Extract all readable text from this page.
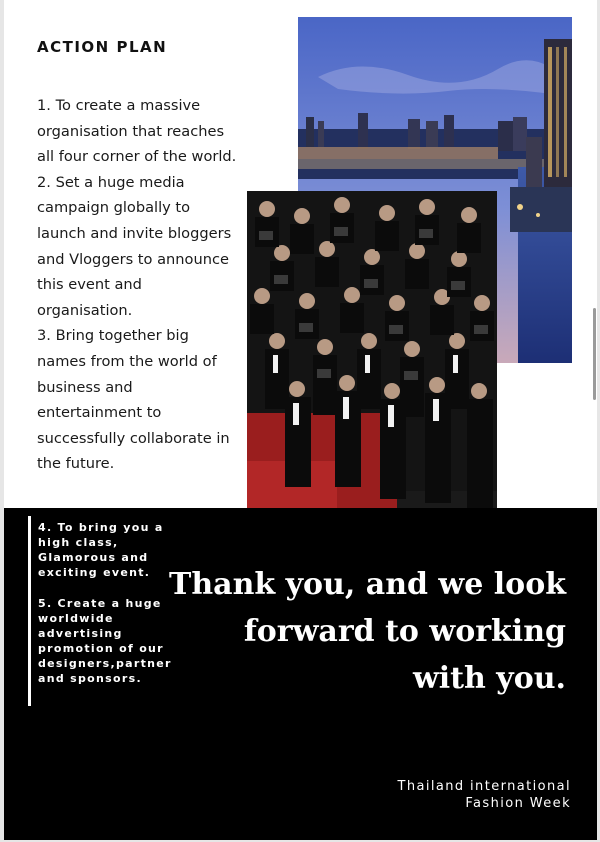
ACTION PLAN

1. To create a massive organisation that reaches all four corner of the world.

2. Set a huge media campaign globally to launch and invite bloggers and Vloggers to announce this event and organisation.

3. Bring together big names from the world of business and entertainment to successfully collaborate in the future.

4. To bring you a
high class,
Glamorous and
exciting event.

5. Create a huge
worldwide
advertising
promotion of our
designers,partner
and sponsors.

Thank you, and we look forward to working with you.

Thailand international
Fashion Week
